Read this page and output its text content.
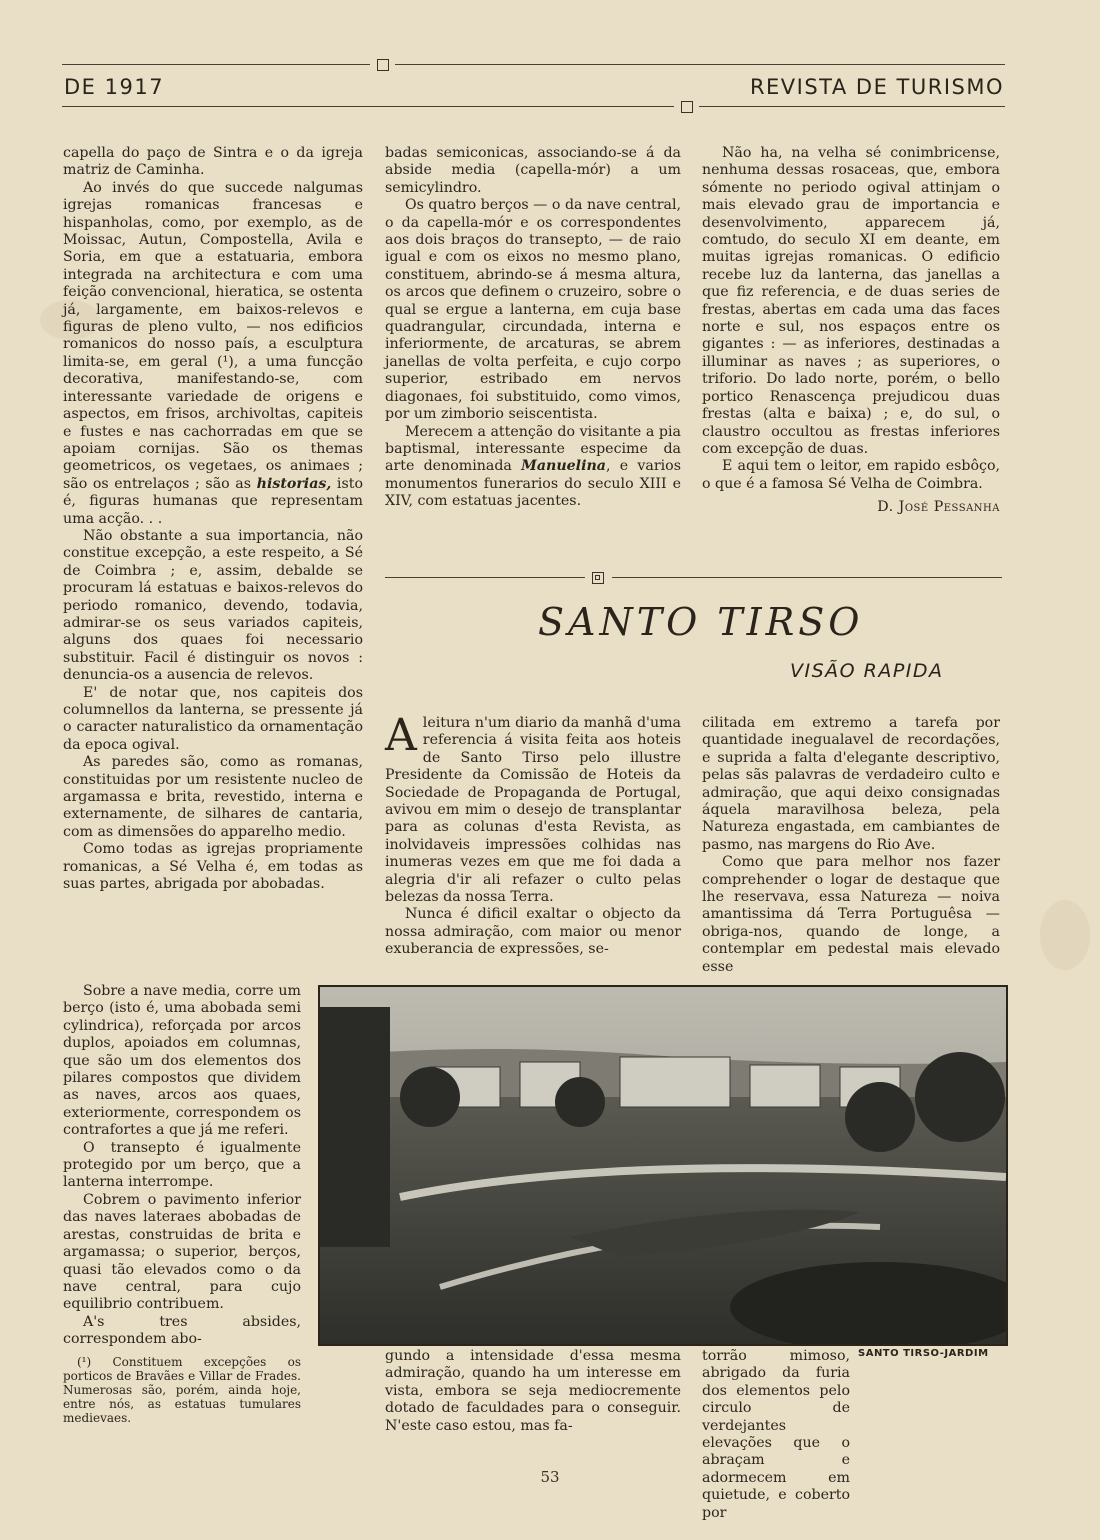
DE 1917	REVISTA DE TURISMO

capella do paço de Sintra e o da igreja matriz de Caminha.

Ao invés do que succede nalgumas igrejas romanicas francesas e hispanholas, como, por exemplo, as de Moissac, Autun, Compostella, Avila e Soria, em que a estatuaria, embora integrada na architectura e com uma feição convencional, hieratica, se ostenta já, largamente, em baixos-relevos e figuras de pleno vulto, — nos edificios romanicos do nosso país, a esculptura limita-se, em geral (¹), a uma funcção decorativa, manifestando-se, com interessante variedade de origens e aspectos, em frisos, archivoltas, capiteis e fustes e nas cachorradas em que se apoiam cornijas. São os themas geometricos, os vegetaes, os animaes ; são os entrelaços ; são as historias, isto é, figuras humanas que representam uma acção. . .

Não obstante a sua importancia, não constitue excepção, a este respeito, a Sé de Coimbra ; e, assim, debalde se procuram lá estatuas e baixos-relevos do periodo romanico, devendo, todavia, admirar-se os seus variados capiteis, alguns dos quaes foi necessario substituir. Facil é distinguir os novos : denuncia-os a ausencia de relevos.

E' de notar que, nos capiteis dos columnellos da lanterna, se pressente já o caracter naturalistico da ornamentação da epoca ogival.

As paredes são, como as romanas, constituidas por um resistente nucleo de argamassa e brita, revestido, interna e externamente, de silhares de cantaria, com as dimensões do apparelho medio.

Como todas as igrejas propriamente romanicas, a Sé Velha é, em todas as suas partes, abrigada por abobadas.

Sobre a nave media, corre um berço (isto é, uma abobada semi cylindrica), reforçada por arcos duplos, apoiados em columnas, que são um dos elementos dos pilares compostos que dividem as naves, arcos aos quaes, exteriormente, correspondem os contrafortes a que já me referi.

O transepto é igualmente protegido por um berço, que a lanterna interrompe.

Cobrem o pavimento inferior das naves lateraes abobadas de arestas, construidas de brita e argamassa; o superior, berços, quasi tão elevados como o da nave central, para cujo equilibrio contribuem.

A's tres absides, correspondem abo-

(¹) Constituem excepções os porticos de Bravães e Villar de Frades. Numerosas são, porém, ainda hoje, entre nós, as estatuas tumulares medievaes.

badas semiconicas, associando-se á da abside media (capella-mór) a um semicylindro.

Os quatro berços — o da nave central, o da capella-mór e os correspondentes aos dois braços do transepto, — de raio igual e com os eixos no mesmo plano, constituem, abrindo-se á mesma altura, os arcos que definem o cruzeiro, sobre o qual se ergue a lanterna, em cuja base quadrangular, circundada, interna e inferiormente, de arcaturas, se abrem janellas de volta perfeita, e cujo corpo superior, estribado em nervos diagonaes, foi substituido, como vimos, por um zimborio seiscentista.

Merecem a attenção do visitante a pia baptismal, interessante especime da arte denominada Manuelina, e varios monumentos funerarios do seculo XIII e XIV, com estatuas jacentes.

Não ha, na velha sé conimbricense, nenhuma dessas rosaceas, que, embora sómente no periodo ogival attinjam o mais elevado grau de importancia e desenvolvimento, apparecem já, comtudo, do seculo XI em deante, em muitas igrejas romanicas. O edificio recebe luz da lanterna, das janellas a que fiz referencia, e de duas series de frestas, abertas em cada uma das faces norte e sul, nos espaços entre os gigantes : — as inferiores, destinadas a illuminar as naves ; as superiores, o triforio. Do lado norte, porém, o bello portico Renascença prejudicou duas frestas (alta e baixa) ; e, do sul, o claustro occultou as frestas inferiores com excepção de duas.

E aqui tem o leitor, em rapido esbôço, o que é a famosa Sé Velha de Coimbra.

D. José Pessanha
SANTO TIRSO
VISÃO RAPIDA

Aleitura n'um diario da manhã d'uma referencia á visita feita aos hoteis de Santo Tirso pelo illustre Presidente da Comissão de Hoteis da Sociedade de Propaganda de Portugal, avivou em mim o desejo de transplantar para as colunas d'esta Revista, as inolvidaveis impressões colhidas nas inumeras vezes em que me foi dada a alegria d'ir ali refazer o culto pelas belezas da nossa Terra.

Nunca é dificil exaltar o objecto da nossa admiração, com maior ou menor exuberancia de expressões, se-

cilitada em extremo a tarefa por quantidade inegualavel de recordações, e suprida a falta d'elegante descriptivo, pelas sãs palavras de verdadeiro culto e admiração, que aqui deixo consignadas áquela maravilhosa beleza, pela Natureza engastada, em cambiantes de pasmo, nas margens do Rio Ave.

Como que para melhor nos fazer comprehender o logar de destaque que lhe reservava, essa Natureza — noiva amantissima dá Terra Portuguêsa — obriga-nos, quando de longe, a contemplar em pedestal mais elevado esse

gundo a intensidade d'essa mesma admiração, quando ha um interesse em vista, embora se seja mediocremente dotado de faculdades para o conseguir. N'este caso estou, mas fa-

torrão mimoso, abrigado da furia dos elementos pelo circulo de verdejantes elevações que o abraçam e adormecem em quietude, e coberto por

SANTO TIRSO-JARDIM
53
